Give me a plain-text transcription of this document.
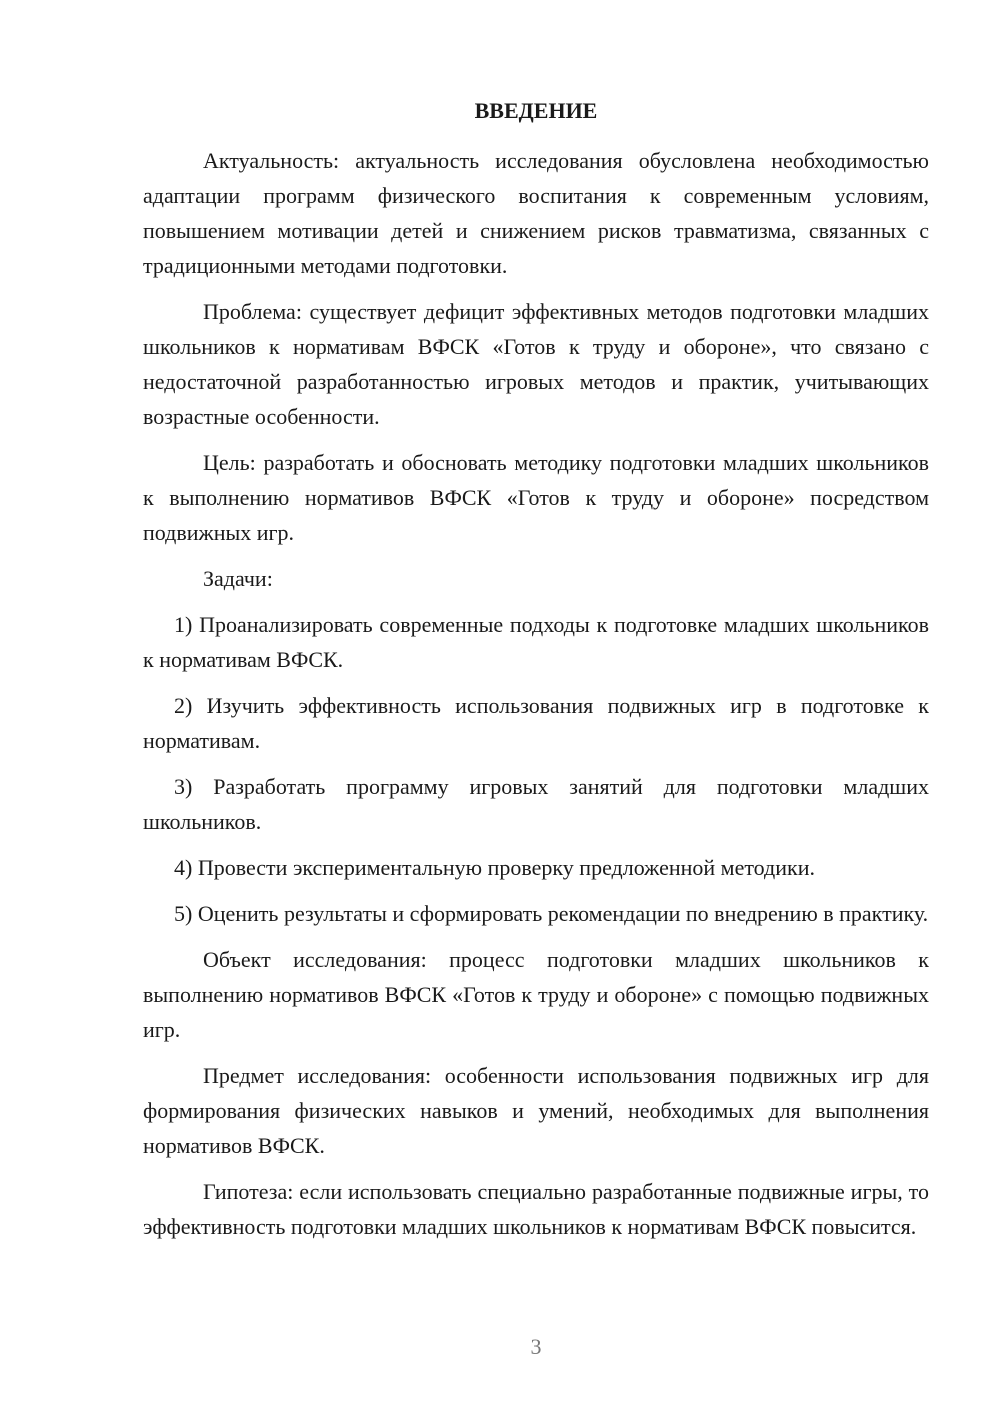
ВВЕДЕНИЕ

Актуальность: актуальность исследования обусловлена необходимостью адаптации программ физического воспитания к современным условиям, повышением мотивации детей и снижением рисков травматизма, связанных с традиционными методами подготовки.

Проблема: существует дефицит эффективных методов подготовки младших школьников к нормативам ВФСК «Готов к труду и обороне», что связано с недостаточной разработанностью игровых методов и практик, учитывающих возрастные особенности.

Цель: разработать и обосновать методику подготовки младших школьников к выполнению нормативов ВФСК «Готов к труду и обороне» посредством подвижных игр.

Задачи:

1) Проанализировать современные подходы к подготовке младших школьников к нормативам ВФСК.

2) Изучить эффективность использования подвижных игр в подготовке к нормативам.

3) Разработать программу игровых занятий для подготовки младших школьников.

4) Провести экспериментальную проверку предложенной методики.

5) Оценить результаты и сформировать рекомендации по внедрению в практику.

Объект исследования: процесс подготовки младших школьников к выполнению нормативов ВФСК «Готов к труду и обороне» с помощью подвижных игр.

Предмет исследования: особенности использования подвижных игр для формирования физических навыков и умений, необходимых для выполнения нормативов ВФСК.

Гипотеза: если использовать специально разработанные подвижные игры, то эффективность подготовки младших школьников к нормативам ВФСК повысится.

3
